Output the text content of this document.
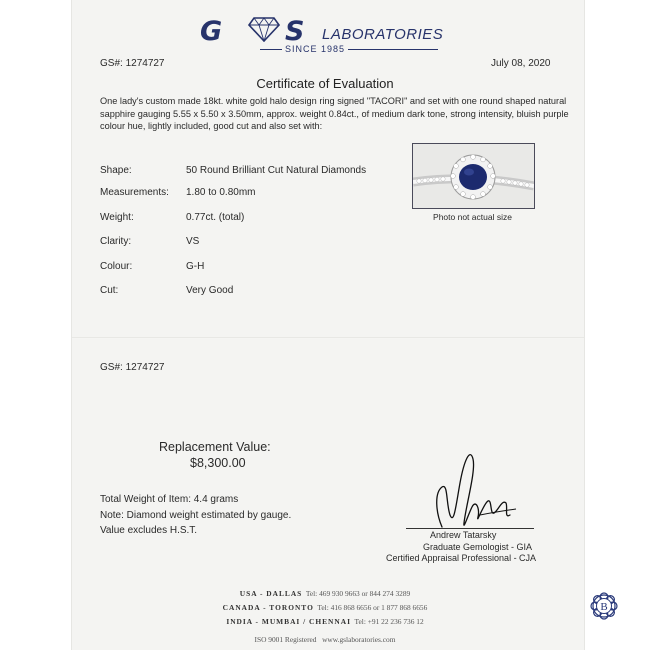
G S LABORATORIES
SINCE 1985
GS#: 1274727	July 08, 2020
Certificate of Evaluation
One lady's custom made 18kt. white gold halo design ring signed "TACORI" and set with one round shaped natural sapphire gauging 5.55 x 5.50 x 3.50mm, approx. weight 0.84ct., of medium dark tone, strong intensity, bluish purple colour hue, lightly included, good cut and also set with:
Shape:	50 Round Brilliant Cut Natural Diamonds
Measurements: 1.80 to 0.80mm
Weight:	0.77ct. (total)
Clarity:	VS
Colour:	G-H
Cut:	Very Good
Photo not actual size
GS#: 1274727
Replacement Value:
$8,300.00
Total Weight of Item: 4.4 grams
Note: Diamond weight estimated by gauge.
Value excludes H.S.T.	Andrew Tatarsky
Graduate Gemologist - GIA
Certified Appraisal Professional - CJA
USA - DALLAS Tel: 469 930 9663 or 844 274 3289
CANADA - TORONTO Tel: 416 868 6656 or 1 877 868 6656
INDIA - MUMBAI / CHENNAI Tel: +91 22 236 736 12
ISO 9001 Registered www.gslaboratories.com
B
